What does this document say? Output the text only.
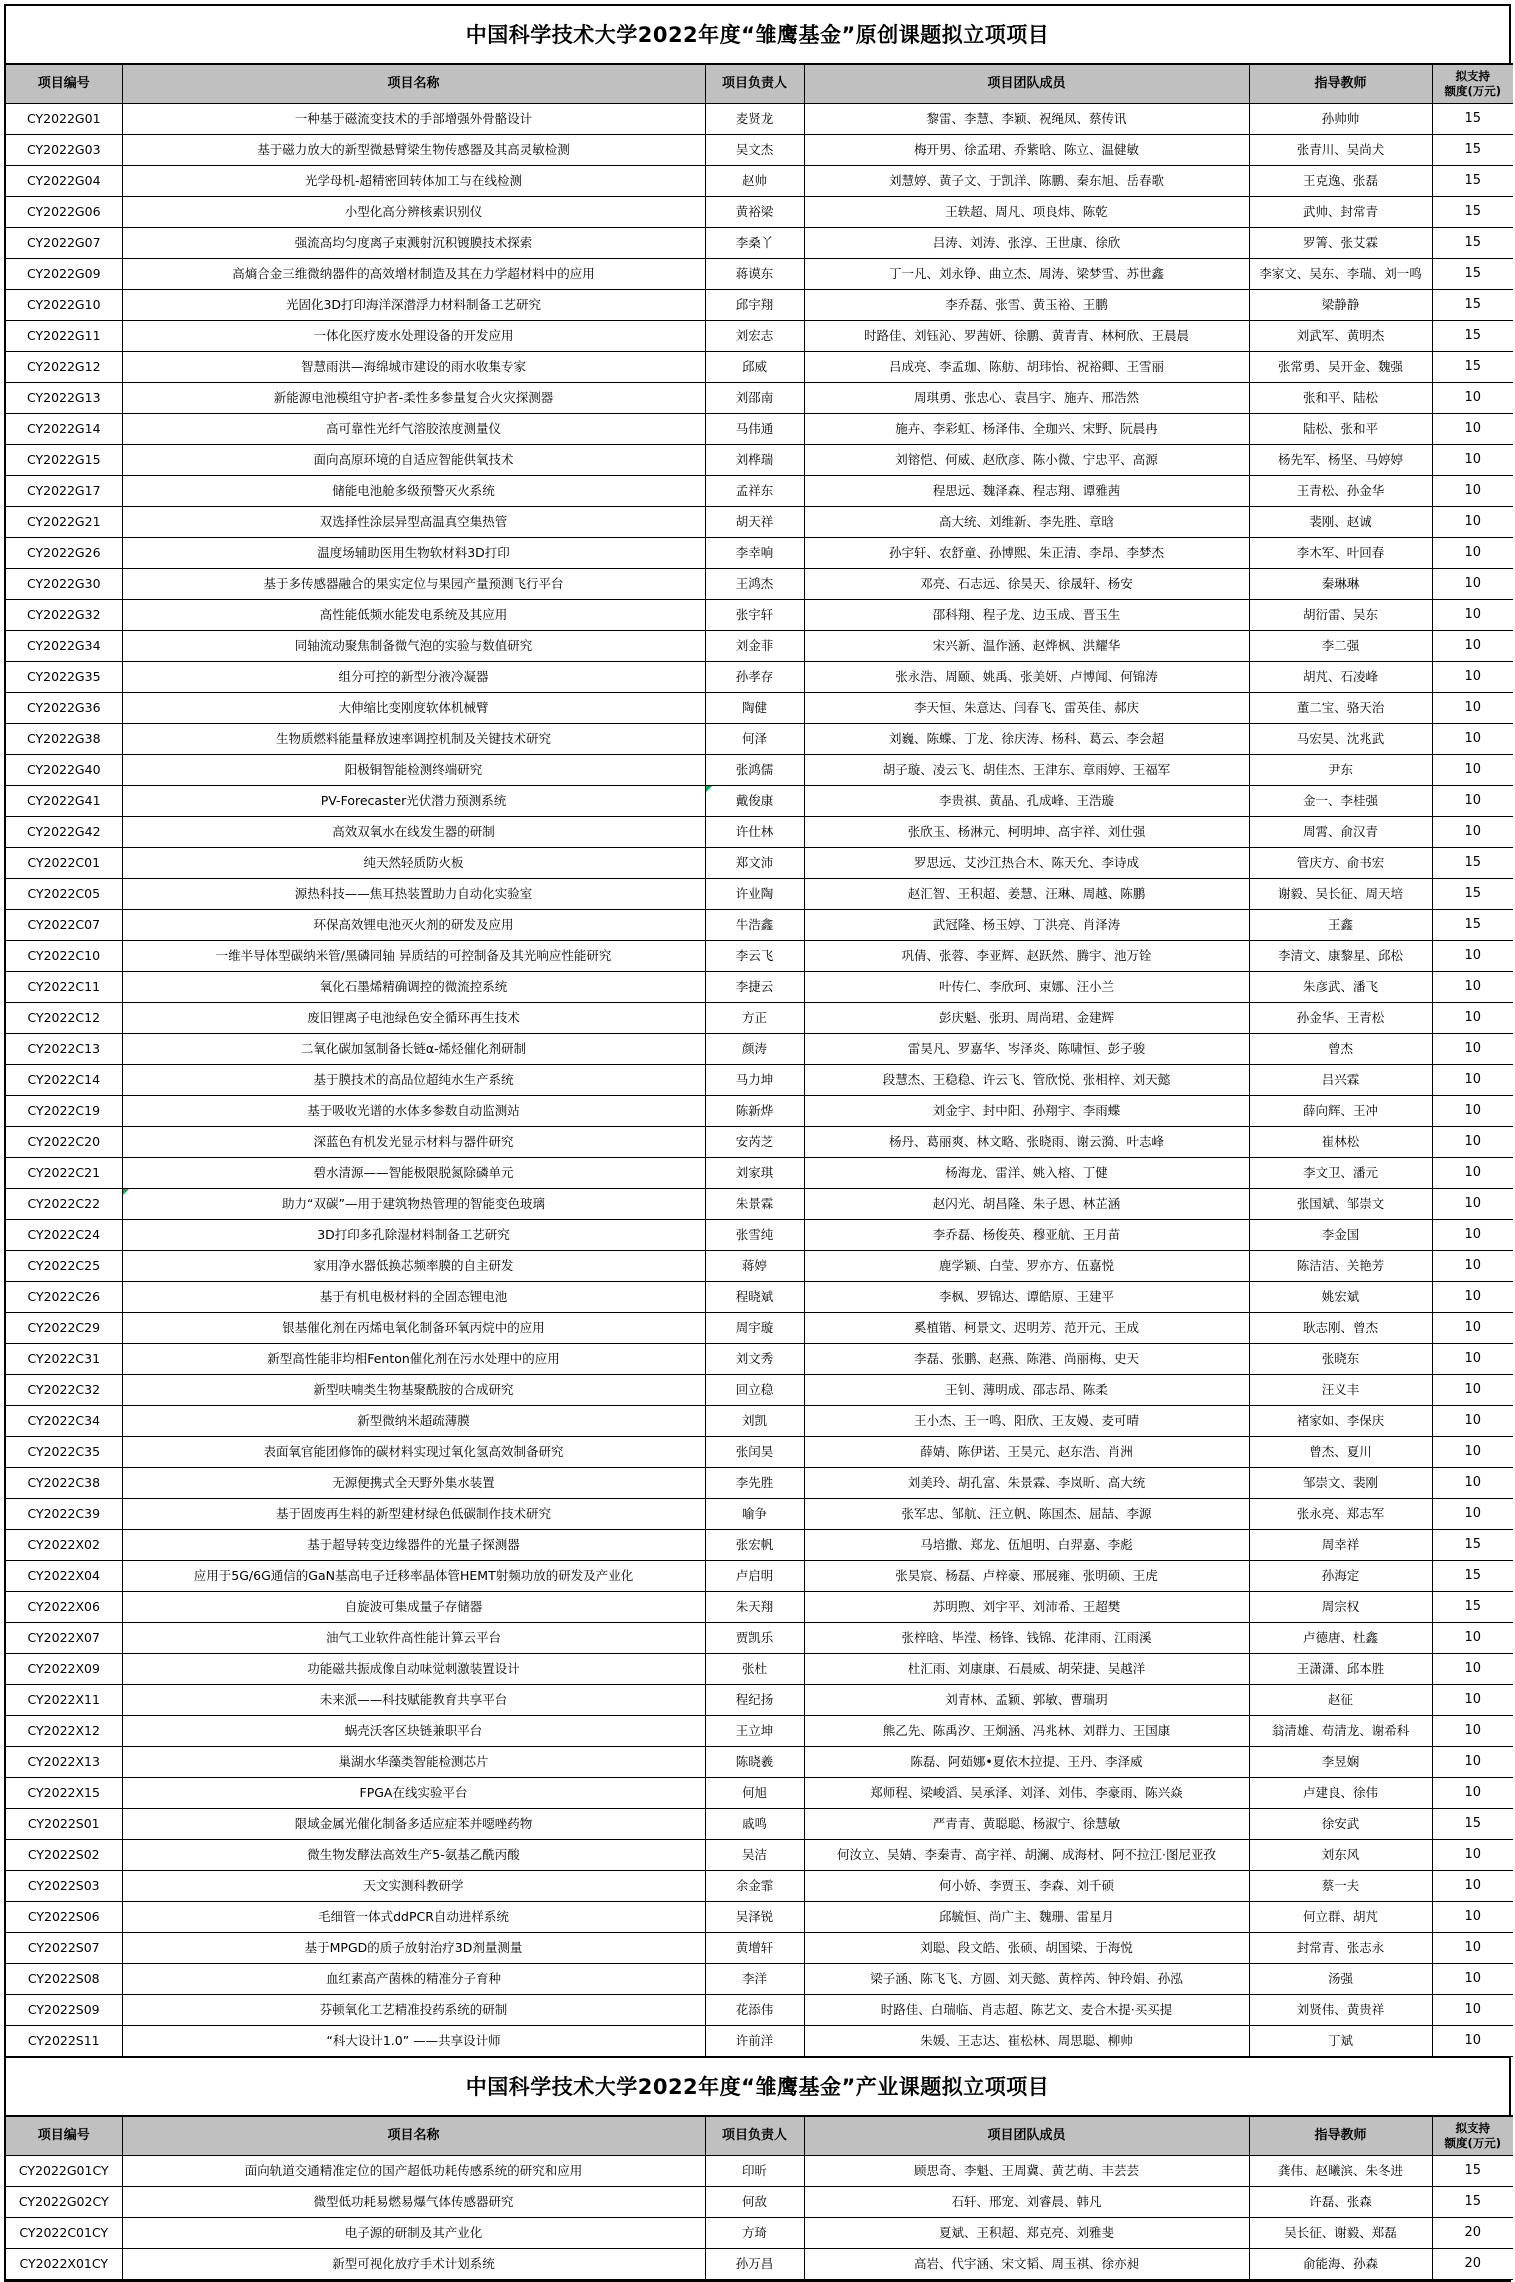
中国科学技术大学2022年度“雏鹰基金”原创课题拟立项项目
项目编号	项目名称	项目负责人	项目团队成员	指导教师	拟支持
额度(万元)

CY2022G01	一种基于磁流变技术的手部增强外骨骼设计	麦贤龙	黎雷、李慧、李颖、祝绳凤、蔡传讯	孙帅帅	15
CY2022G03	基于磁力放大的新型微悬臂梁生物传感器及其高灵敏检测	吴文杰	梅开男、徐孟珺、乔紫晗、陈立、温健敏	张青川、吴尚犬	15
CY2022G04	光学母机-超精密回转体加工与在线检测	赵帅	刘慧婷、黄子文、于凯洋、陈鹏、秦东旭、岳春歌	王克逸、张磊	15
CY2022G06	小型化高分辨核素识别仪	黄裕梁	王轶超、周凡、项良炜、陈乾	武帅、封常青	15
CY2022G07	强流高均匀度离子束溅射沉积镀膜技术探索	李桑丫	吕涛、刘涛、张淳、王世康、徐欣	罗箐、张艾霖	15
CY2022G09	高熵合金三维微纳器件的高效增材制造及其在力学超材料中的应用	蒋谟东	丁一凡、刘永铮、曲立杰、周涛、梁梦雪、苏世鑫	李家文、吴东、李瑞、刘一鸣	15
CY2022G10	光固化3D打印海洋深潜浮力材料制备工艺研究	邱宇翔	李乔磊、张雪、黄玉裕、王鹏	梁静静	15
CY2022G11	一体化医疗废水处理设备的开发应用	刘宏志	时路佳、刘钰沁、罗茜妍、徐鹏、黄青青、林柯欣、王晨晨	刘武军、黄明杰	15
CY2022G12	智慧雨洪—海绵城市建设的雨水收集专家	邱威	吕成亮、李孟珈、陈舫、胡玮怡、祝裕卿、王雪丽	张常勇、吴开金、魏强	15
CY2022G13	新能源电池模组守护者-柔性多参量复合火灾探测器	刘邵南	周琪勇、张忠心、袁昌宇、施卉、邢浩然	张和平、陆松	10
CY2022G14	高可靠性光纤气溶胶浓度测量仪	马伟通	施卉、李彩虹、杨泽伟、全珈兴、宋野、阮晨冉	陆松、张和平	10
CY2022G15	面向高原环境的自适应智能供氧技术	刘桦瑞	刘镕恺、何威、赵欣彦、陈小微、宁忠平、高源	杨先军、杨坚、马婷婷	10
CY2022G17	储能电池舱多级预警灭火系统	孟祥东	程思远、魏泽森、程志翔、谭雅茜	王青松、孙金华	10
CY2022G21	双选择性涂层异型高温真空集热管	胡天祥	高大统、刘维新、李先胜、章晗	裴刚、赵诚	10
CY2022G26	温度场辅助医用生物软材料3D打印	李幸响	孙宇轩、农舒童、孙博熙、朱正清、李昂、李梦杰	李木军、叶回春	10
CY2022G30	基于多传感器融合的果实定位与果园产量预测飞行平台	王鸿杰	邓亮、石志远、徐昊天、徐晟轩、杨安	秦琳琳	10
CY2022G32	高性能低频水能发电系统及其应用	张宇轩	邵科翔、程子龙、边玉成、晋玉生	胡衍雷、吴东	10
CY2022G34	同轴流动聚焦制备微气泡的实验与数值研究	刘金菲	宋兴新、温作涵、赵烨枫、洪耀华	李二强	10
CY2022G35	组分可控的新型分液冷凝器	孙孝存	张永浩、周颐、姚禹、张美妍、卢博闻、何锦涛	胡芃、石凌峰	10
CY2022G36	大伸缩比变刚度软体机械臂	陶健	李天恒、朱意达、闫春飞、雷英佳、郝庆	董二宝、骆天治	10
CY2022G38	生物质燃料能量释放速率调控机制及关键技术研究	何泽	刘巍、陈蝶、丁龙、徐庆涛、杨科、葛云、李会超	马宏昊、沈兆武	10
CY2022G40	阳极铜智能检测终端研究	张鸿儒	胡子璇、凌云飞、胡佳杰、王津东、章雨婷、王福军	尹东	10
CY2022G41	PV-Forecaster光伏潜力预测系统	戴俊康	李贵祺、黄晶、孔成峰、王浩璇	金一、李桂强	10
CY2022G42	高效双氧水在线发生器的研制	许仕林	张欣玉、杨淋元、柯明坤、高宇祥、刘仕强	周霄、俞汉青	10
CY2022C01	纯天然轻质防火板	郑文沛	罗思远、艾沙江热合木、陈天允、李诗成	管庆方、俞书宏	15
CY2022C05	源热科技——焦耳热装置助力自动化实验室	许业陶	赵汇智、王积超、姜慧、汪琳、周越、陈鹏	谢毅、吴长征、周天培	15
CY2022C07	环保高效锂电池灭火剂的研发及应用	牛浩鑫	武冠隆、杨玉婷、丁洪亮、肖泽涛	王鑫	15
CY2022C10	一维半导体型碳纳米管/黑磷同轴 异质结的可控制备及其光响应性能研究	李云飞	巩倩、张蓉、李亚辉、赵跃然、腾宇、池万铨	李清文、康黎星、邱松	10
CY2022C11	氧化石墨烯精确调控的微流控系统	李捷云	叶传仁、李欣珂、束娜、汪小兰	朱彦武、潘飞	10
CY2022C12	废旧锂离子电池绿色安全循环再生技术	方正	彭庆魁、张玥、周尚珺、金建辉	孙金华、王青松	10
CY2022C13	二氧化碳加氢制备长链α-烯烃催化剂研制	颜涛	雷昊凡、罗嘉华、岑泽炎、陈啸恒、彭子骏	曾杰	10
CY2022C14	基于膜技术的高品位超纯水生产系统	马力坤	段慧杰、王稳稳、许云飞、管欣悦、张相梓、刘天懿	吕兴霖	10
CY2022C19	基于吸收光谱的水体多参数自动监测站	陈新烨	刘金宇、封中阳、孙翔宇、李雨蝶	薛向辉、王冲	10
CY2022C20	深蓝色有机发光显示材料与器件研究	安芮芝	杨丹、葛丽爽、林文略、张晓雨、谢云漪、叶志峰	崔林松	10
CY2022C21	碧水清源——智能极限脱氮除磷单元	刘家琪	杨海龙、雷洋、姚入榕、丁健	李文卫、潘元	10
CY2022C22	助力“双碳”—用于建筑物热管理的智能变色玻璃	朱景霖	赵闪光、胡昌隆、朱子恩、林芷涵	张国斌、邹崇文	10
CY2022C24	3D打印多孔除湿材料制备工艺研究	张雪纯	李乔磊、杨俊英、穆亚航、王月苗	李金国	10
CY2022C25	家用净水器低换芯频率膜的自主研发	蒋婷	鹿学颖、白莹、罗亦方、伍嘉悦	陈洁洁、关艳芳	10
CY2022C26	基于有机电极材料的全固态锂电池	程晓斌	李枫、罗锦达、谭皓原、王建平	姚宏斌	10
CY2022C29	银基催化剂在丙烯电氧化制备环氧丙烷中的应用	周宇璇	奚植锴、柯景文、迟明芳、范开元、王成	耿志刚、曾杰	10
CY2022C31	新型高性能非均相Fenton催化剂在污水处理中的应用	刘文秀	李磊、张鹏、赵燕、陈港、尚丽梅、史天	张晓东	10
CY2022C32	新型呋喃类生物基聚酰胺的合成研究	回立稳	王钊、薄明成、邵志昂、陈柔	汪义丰	10
CY2022C34	新型微纳米超疏薄膜	刘凯	王小杰、王一鸣、阳欣、王友嫚、麦可晴	褚家如、李保庆	10
CY2022C35	表面氧官能团修饰的碳材料实现过氧化氢高效制备研究	张闰昊	薛婧、陈伊诺、王昊元、赵东浩、肖洲	曾杰、夏川	10
CY2022C38	无源便携式全天野外集水装置	李先胜	刘美玲、胡孔富、朱景霖、李岚昕、高大统	邹崇文、裴刚	10
CY2022C39	基于固废再生料的新型建材绿色低碳制作技术研究	喻争	张军忠、邹航、汪立帆、陈国杰、屈喆、李源	张永亮、郑志军	10
CY2022X02	基于超导转变边缘器件的光量子探测器	张宏帆	马培撒、郑龙、伍旭明、白羿嘉、李彪	周幸祥	15
CY2022X04	应用于5G/6G通信的GaN基高电子迁移率晶体管HEMT射频功放的研发及产业化	卢启明	张昊宸、杨磊、卢梓豪、邢展雍、张明硕、王虎	孙海定	15
CY2022X06	自旋波可集成量子存储器	朱天翔	苏明煦、刘宇平、刘沛希、王超樊	周宗权	15
CY2022X07	油气工业软件高性能计算云平台	贾凯乐	张梓晗、毕滢、杨锋、钱锦、花津雨、江雨溪	卢德唐、杜鑫	10
CY2022X09	功能磁共振成像自动味觉刺激装置设计	张杜	杜汇雨、刘康康、石晨威、胡荣捷、吴越洋	王潇潇、邱本胜	10
CY2022X11	未来派——科技赋能教育共享平台	程纪扬	刘青林、孟颖、郭敏、曹瑞玥	赵征	10
CY2022X12	蜗壳沃客区块链兼职平台	王立坤	熊乙先、陈禹汐、王炯涵、冯兆林、刘群力、王国康	翁清雄、苟清龙、谢希科	10
CY2022X13	巢湖水华藻类智能检测芯片	陈晓羲	陈磊、阿茹娜•夏依木拉提、王丹、李泽威	李昱娴	10
CY2022X15	FPGA在线实验平台	何旭	郑师程、梁峻滔、吴承泽、刘泽、刘伟、李豪雨、陈兴焱	卢建良、徐伟	10
CY2022S01	限域金属光催化制备多适应症苯并噁唑药物	戚鸣	严青青、黄聪聪、杨淑宁、徐慧敏	徐安武	15
CY2022S02	微生物发酵法高效生产5-氨基乙酰丙酸	吴洁	何汝立、吴婧、李秦青、高宇祥、胡澜、成海材、阿不拉江·图尼亚孜	刘东风	10
CY2022S03	天文实测科教研学	余金霏	何小娇、李贾玉、李森、刘千硕	蔡一夫	10
CY2022S06	毛细管一体式ddPCR自动进样系统	吴泽锐	邱毓恒、尚广主、魏珊、雷星月	何立群、胡芃	10
CY2022S07	基于MPGD的质子放射治疗3D剂量测量	黄增轩	刘聪、段文皓、张硕、胡国梁、于海悦	封常青、张志永	10
CY2022S08	血红素高产菌株的精准分子育种	李洋	梁子涵、陈飞飞、方圆、刘天懿、黄梓芮、钟玲娟、孙泓	汤强	10
CY2022S09	芬顿氧化工艺精准投药系统的研制	花添伟	时路佳、白瑞临、肖志超、陈艺文、麦合木提·买买提	刘贤伟、黄贵祥	10
CY2022S11	“科大设计1.0” ——共享设计师	许前洋	朱媛、王志达、崔松林、周思聪、柳帅	丁斌	10
中国科学技术大学2022年度“雏鹰基金”产业课题拟立项项目
项目编号	项目名称	项目负责人	项目团队成员	指导教师	拟支持
额度(万元)

CY2022G01CY	面向轨道交通精准定位的国产超低功耗传感系统的研究和应用	印昕	顾思奇、李魁、王周冀、黄艺萌、丰芸芸	龚伟、赵曦滨、朱冬进	15
CY2022G02CY	微型低功耗易燃易爆气体传感器研究	何敌	石轩、邢宠、刘睿晨、韩凡	许磊、张森	15
CY2022C01CY	电子源的研制及其产业化	方琦	夏斌、王积超、郑克亮、刘雅斐	吴长征、谢毅、郑磊	20
CY2022X01CY	新型可视化放疗手术计划系统	孙万昌	高岩、代宇涵、宋文韬、周玉祺、徐亦昶	俞能海、孙森	20
